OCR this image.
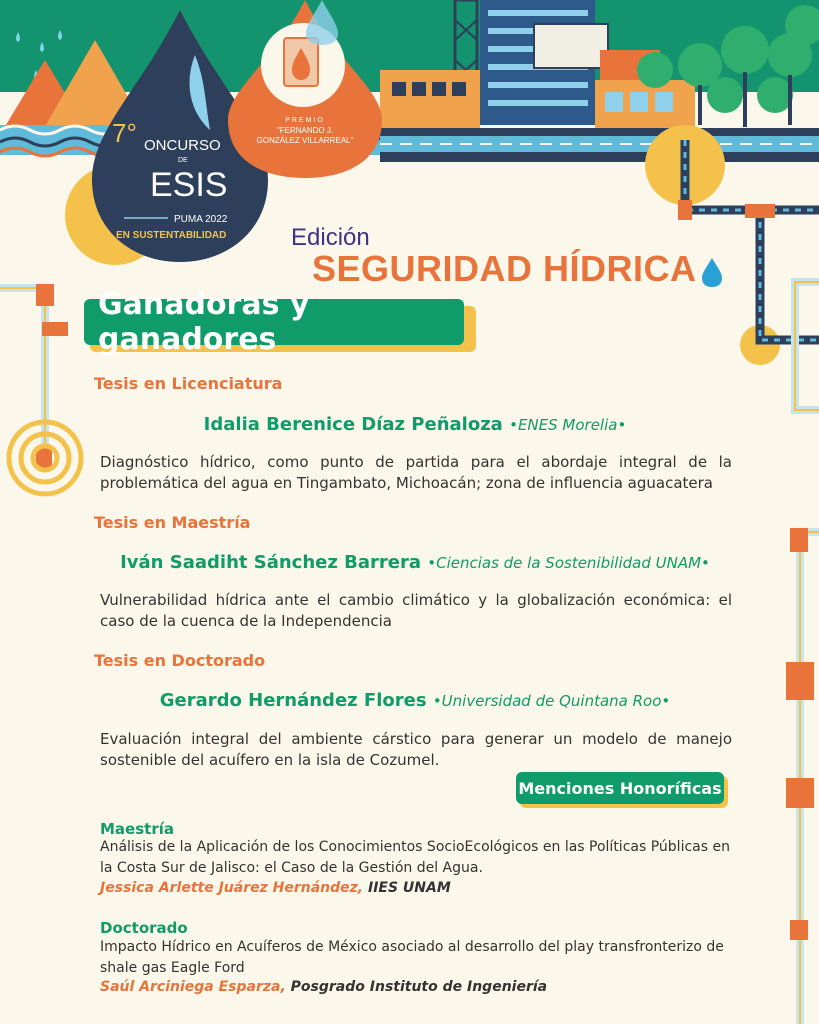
7° ONCURSO
DE
ESIS
PUMA 2022
EN SUSTENTABILIDAD
PREMIO
"FERNANDO J.
GONZÁLEZ VILLARREAL"
Edición
SEGURIDAD HÍDRICA
Ganadoras y ganadores
Tesis en Licenciatura
Idalia Berenice Díaz Peñaloza •ENES Morelia•
Diagnóstico hídrico, como punto de partida para el abordaje integral de la problemática del agua en Tingambato, Michoacán; zona de influencia aguacatera
Tesis en Maestría
Iván Saadiht Sánchez Barrera •Ciencias de la Sostenibilidad UNAM•
Vulnerabilidad hídrica ante el cambio climático y la globalización económica: el caso de la cuenca de la Independencia
Tesis en Doctorado
Gerardo Hernández Flores •Universidad de Quintana Roo•
Evaluación integral del ambiente cárstico para generar un modelo de manejo sostenible del acuífero en la isla de Cozumel.
Menciones Honoríficas
Maestría
Análisis de la Aplicación de los Conocimientos SocioEcológicos en las Políticas Públicas en la Costa Sur de Jalisco: el Caso de la Gestión del Agua.
Jessica Arlette Juárez Hernández, IIES UNAM
Doctorado
Impacto Hídrico en Acuíferos de México asociado al desarrollo del play transfronterizo de shale gas Eagle Ford
Saúl Arciniega Esparza, Posgrado Instituto de Ingeniería
